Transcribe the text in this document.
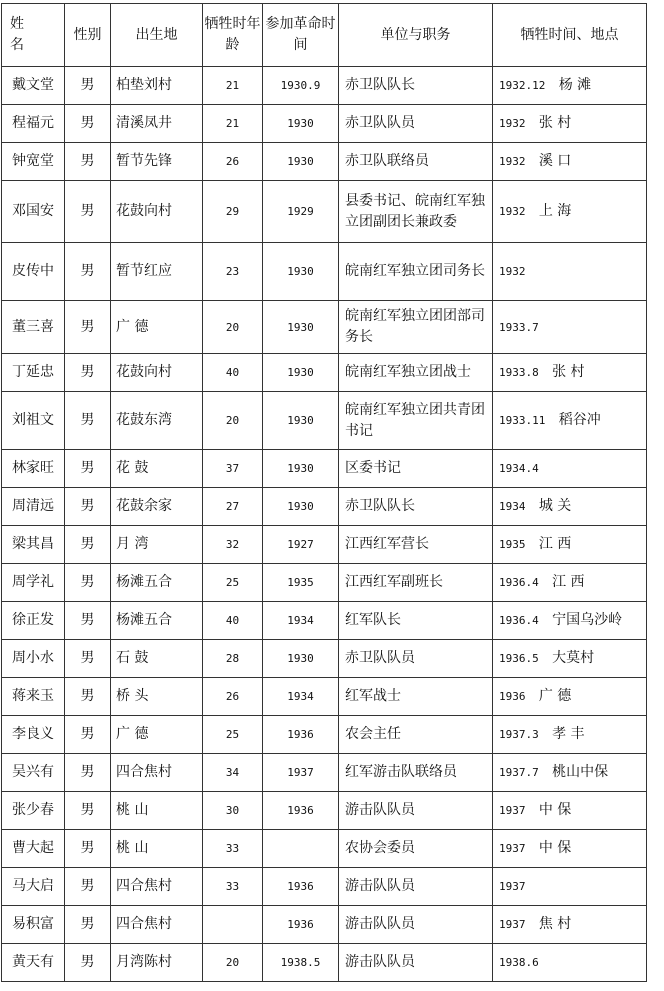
姓 名	性别	出生地	牺牲时年龄	参加革命时间	单位与职务	牺牲时间、地点
戴文堂	男	柏垫刘村	21	1930.9	赤卫队队长	1932.12 杨 滩
程福元	男	清溪凤井	21	1930	赤卫队队员	1932 张 村
钟宽堂	男	暂节先锋	26	1930	赤卫队联络员	1932 溪 口
邓国安	男	花鼓向村	29	1929	县委书记、皖南红军独立团副团长兼政委	1932 上 海
皮传中	男	暂节红应	23	1930	皖南红军独立团司务长	1932
董三喜	男	广 德	20	1930	皖南红军独立团团部司务长	1933.7
丁延忠	男	花鼓向村	40	1930	皖南红军独立团战士	1933.8 张 村
刘祖文	男	花鼓东湾	20	1930	皖南红军独立团共青团书记	1933.11 稻谷冲
林家旺	男	花 鼓	37	1930	区委书记	1934.4
周清远	男	花鼓余家	27	1930	赤卫队队长	1934 城 关
梁其昌	男	月 湾	32	1927	江西红军营长	1935 江 西
周学礼	男	杨滩五合	25	1935	江西红军副班长	1936.4 江 西
徐正发	男	杨滩五合	40	1934	红军队长	1936.4 宁国乌沙岭
周小水	男	石 鼓	28	1930	赤卫队队员	1936.5 大莫村
蒋来玉	男	桥 头	26	1934	红军战士	1936 广 德
李良义	男	广 德	25	1936	农会主任	1937.3 孝 丰
吴兴有	男	四合焦村	34	1937	红军游击队联络员	1937.7 桃山中保
张少春	男	桃 山	30	1936	游击队队员	1937 中 保
曹大起	男	桃 山	33		农协会委员	1937 中 保
马大启	男	四合焦村	33	1936	游击队队员	1937
易积富	男	四合焦村		1936	游击队队员	1937 焦 村
黄天有	男	月湾陈村	20	1938.5	游击队队员	1938.6
